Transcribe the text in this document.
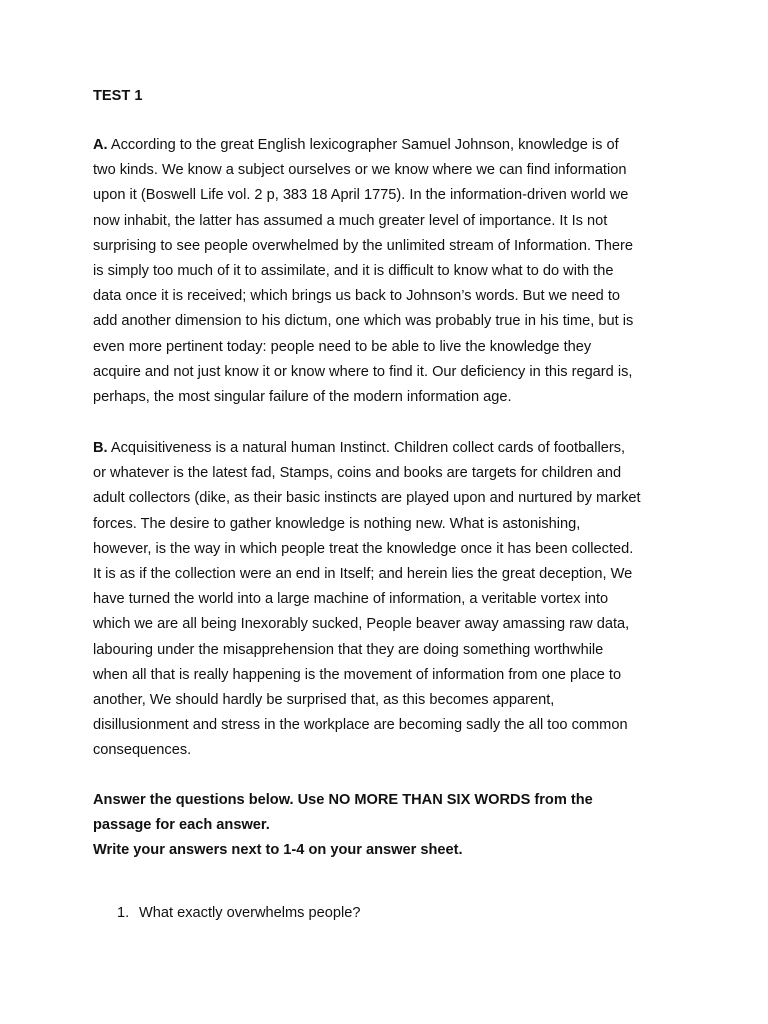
TEST 1
A. According to the great English lexicographer Samuel Johnson, knowledge is of
two kinds. We know a subject ourselves or we know where we can find information
upon it (Boswell Life vol. 2 p, 383 18 April 1775). In the information-driven world we
now inhabit, the latter has assumed a much greater level of importance. It Is not
surprising to see people overwhelmed by the unlimited stream of Information. There
is simply too much of it to assimilate, and it is difficult to know what to do with the
data once it is received; which brings us back to Johnson’s words. But we need to
add another dimension to his dictum, one which was probably true in his time, but is
even more pertinent today: people need to be able to live the knowledge they
acquire and not just know it or know where to find it. Our deficiency in this regard is,
perhaps, the most singular failure of the modern information age.
B. Acquisitiveness is a natural human Instinct. Children collect cards of footballers,
or whatever is the latest fad, Stamps, coins and books are targets for children and
adult collectors (dike, as their basic instincts are played upon and nurtured by market
forces. The desire to gather knowledge is nothing new. What is astonishing,
however, is the way in which people treat the knowledge once it has been collected.
It is as if the collection were an end in Itself; and herein lies the great deception, We
have turned the world into a large machine of information, a veritable vortex into
which we are all being Inexorably sucked, People beaver away amassing raw data,
labouring under the misapprehension that they are doing something worthwhile
when all that is really happening is the movement of information from one place to
another, We should hardly be surprised that, as this becomes apparent,
disillusionment and stress in the workplace are becoming sadly the all too common
consequences.
Answer the questions below. Use NO MORE THAN SIX WORDS from the
passage for each answer.
Write your answers next to 1-4 on your answer sheet.
1. What exactly overwhelms people?
